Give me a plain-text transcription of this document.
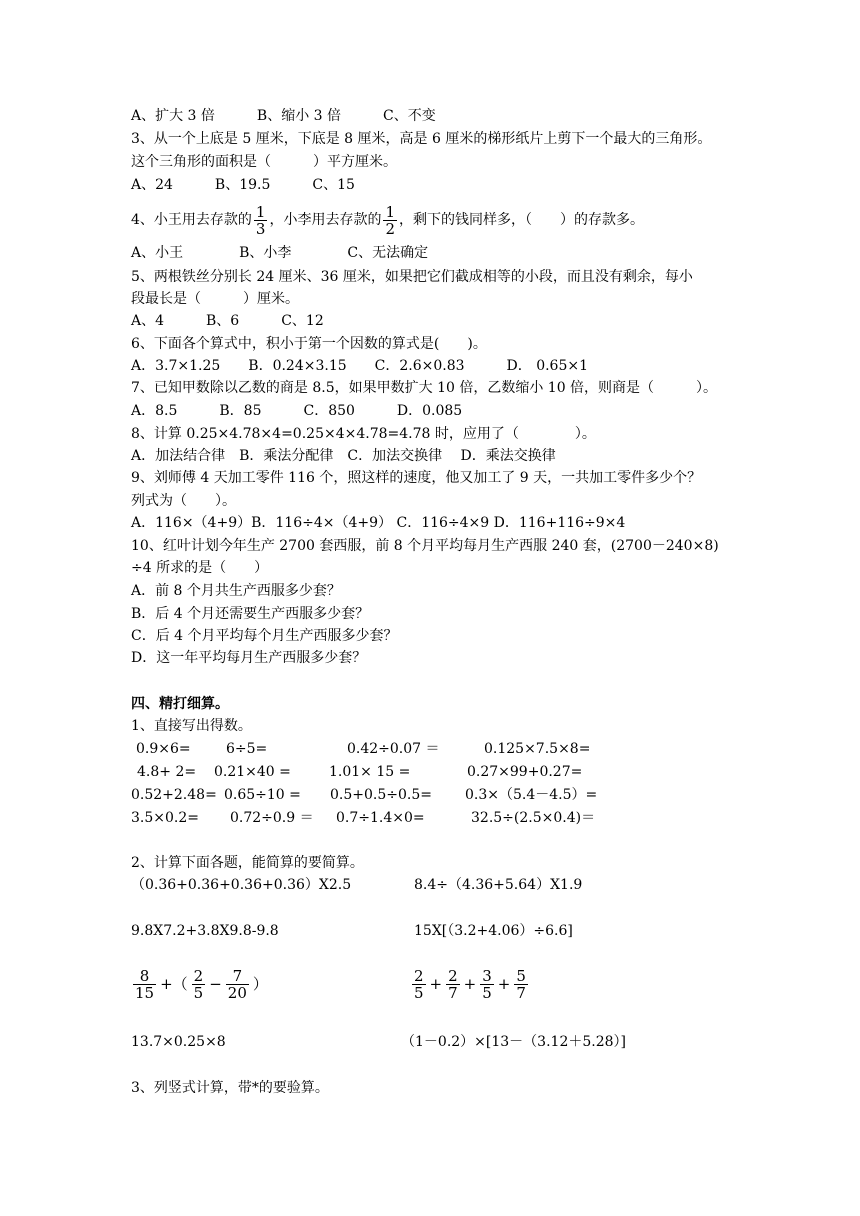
A、扩大 3 倍　　　B、缩小 3 倍　　　C、不变
3、从一个上底是 5 厘米，下底是 8 厘米，高是 6 厘米的梯形纸片上剪下一个最大的三角形。
这个三角形的面积是（　　　）平方厘米。
A、24　　　B、19.5　　　C、15
4、小王用去存款的 $\frac{1}{3}$ ，小李用去存款的 $\frac{1}{2}$ ，剩下的钱同样多，（　　）的存款多。
A、小王　　　　B、小李　　　　C、无法确定
5、两根铁丝分别长 24 厘米、36 厘米，如果把它们截成相等的小段，而且没有剩余，每小
段最长是（　　　）厘米。
A、4　　　B、6　　　C、12
6、下面各个算式中，积小于第一个因数的算式是(　　)。
A．3.7×1.25　　B．0.24×3.15　　C．2.6×0.83　　　D． 0.65×1
7、已知甲数除以乙数的商是 8.5，如果甲数扩大 10 倍，乙数缩小 10 倍，则商是（　　　）。
A．8.5　　　B．85　　　C．850　　　D．0.085
8、计算 0.25×4.78×4=0.25×4×4.78=4.78 时，应用了（　　　　）。
A．加法结合律　B．乘法分配律　C．加法交换律　 D．乘法交换律
9、刘师傅 4 天加工零件 116 个，照这样的速度，他又加工了 9 天，一共加工零件多少个？
列式为（　　）。
A．116×（4+9）B．116÷4×（4+9） C．116÷4×9 D．116+116÷9×4
10、红叶计划今年生产 2700 套西服，前 8 个月平均每月生产西服 240 套，(2700－240×8)
÷4 所求的是（　　）
A．前 8 个月共生产西服多少套？
B．后 4 个月还需要生产西服多少套？
C．后 4 个月平均每个月生产西服多少套？
D．这一年平均每月生产西服多少套？
四、精打细算。
1、直接写出得数。
0.9×6=	6÷5=	0.42÷0.07 ＝	0.125×7.5×8=
4.8+ 2= 0.21×40 =	1.01× 15 =	0.27×99+0.27=
0.52+2.48= 0.65÷10 = 0.5+0.5÷0.5= 0.3×（5.4－4.5）=
3.5×0.2= 0.72÷0.9 ＝ 0.7÷1.4×0=	32.5÷(2.5×0.4)＝
2、计算下面各题，能简算的要简算。
（0.36+0.36+0.36+0.36）X2.5	8.4÷（4.36+5.64）X1.9
9.8X7.2+3.8X9.8-9.8	15X[（3.2+4.06）÷6.6]
$\frac{8}{15}$ +（ $\frac{2}{5} - \frac{7}{20}$ ）	$\frac{2}{5} + \frac{2}{7} + \frac{3}{5} + \frac{5}{7}$
13.7×0.25×8	（1－0.2）×[13－（3.12＋5.28）]
3、列竖式计算，带*的要验算。
